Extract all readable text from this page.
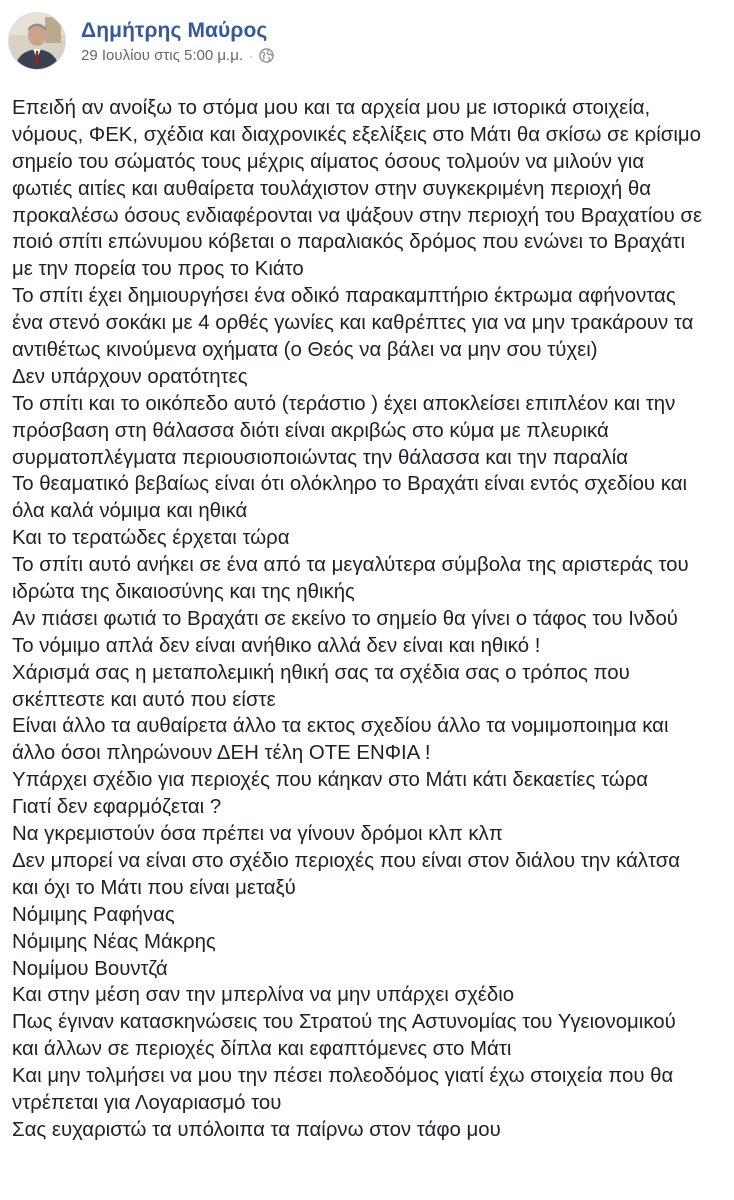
Δημήτρης Μαύρος
29 Ιουλίου στις 5:00 μ.μ. ·
Επειδή αν ανοίξω το στόμα μου και τα αρχεία μου με ιστορικά στοιχεία,
νόμους, ΦΕΚ, σχέδια και διαχρονικές εξελίξεις στο Μάτι θα σκίσω σε κρίσιμο
σημείο του σώματός τους μέχρις αίματος όσους τολμούν να μιλούν για
φωτιές αιτίες και αυθαίρετα τουλάχιστον στην συγκεκριμένη περιοχή θα
προκαλέσω όσους ενδιαφέρονται να ψάξουν στην περιοχή του Βραχατίου σε
ποιό σπίτι επώνυμου κόβεται ο παραλιακός δρόμος που ενώνει το Βραχάτι
με την πορεία του προς το Κιάτο
Το σπίτι έχει δημιουργήσει ένα οδικό παρακαμπτήριο έκτρωμα αφήνοντας
ένα στενό σοκάκι με 4 ορθές γωνίες και καθρέπτες για να μην τρακάρουν τα
αντιθέτως κινούμενα οχήματα (ο Θεός να βάλει να μην σου τύχει)
Δεν υπάρχουν ορατότητες
Το σπίτι και το οικόπεδο αυτό (τεράστιο ) έχει αποκλείσει επιπλέον και την
πρόσβαση στη θάλασσα διότι είναι ακριβώς στο κύμα με πλευρικά
συρματοπλέγματα περιουσιοποιώντας την θάλασσα και την παραλία
Το θεαματικό βεβαίως είναι ότι ολόκληρο το Βραχάτι είναι εντός σχεδίου και
όλα καλά νόμιμα και ηθικά
Και το τερατώδες έρχεται τώρα
Το σπίτι αυτό ανήκει σε ένα από τα μεγαλύτερα σύμβολα της αριστεράς του
ιδρώτα της δικαιοσύνης και της ηθικής
Αν πιάσει φωτιά το Βραχάτι σε εκείνο το σημείο θα γίνει ο τάφος του Ινδού
Το νόμιμο απλά δεν είναι ανήθικο αλλά δεν είναι και ηθικό !
Χάρισμά σας η μεταπολεμική ηθική σας τα σχέδια σας ο τρόπος που
σκέπτεστε και αυτό που είστε
Είναι άλλο τα αυθαίρετα άλλο τα εκτος σχεδίου άλλο τα νομιμοποιημα και
άλλο όσοι πληρώνουν ΔΕΗ τέλη ΟΤΕ ΕΝΦΙΑ !
Υπάρχει σχέδιο για περιοχές που κάηκαν στο Μάτι κάτι δεκαετίες τώρα
Γιατί δεν εφαρμόζεται ?
Να γκρεμιστούν όσα πρέπει να γίνουν δρόμοι κλπ κλπ
Δεν μπορεί να είναι στο σχέδιο περιοχές που είναι στον διάλου την κάλτσα
και όχι το Μάτι που είναι μεταξύ
Νόμιμης Ραφήνας
Νόμιμης Νέας Μάκρης
Νομίμου Βουντζά
Και στην μέση σαν την μπερλίνα να μην υπάρχει σχέδιο
Πως έγιναν κατασκηνώσεις του Στρατού της Αστυνομίας του Υγειονομικού
και άλλων σε περιοχές δίπλα και εφαπτόμενες στο Μάτι
Και μην τολμήσει να μου την πέσει πολεοδόμος γιατί έχω στοιχεία που θα
ντρέπεται για Λογαριασμό του
Σας ευχαριστώ τα υπόλοιπα τα παίρνω στον τάφο μου
